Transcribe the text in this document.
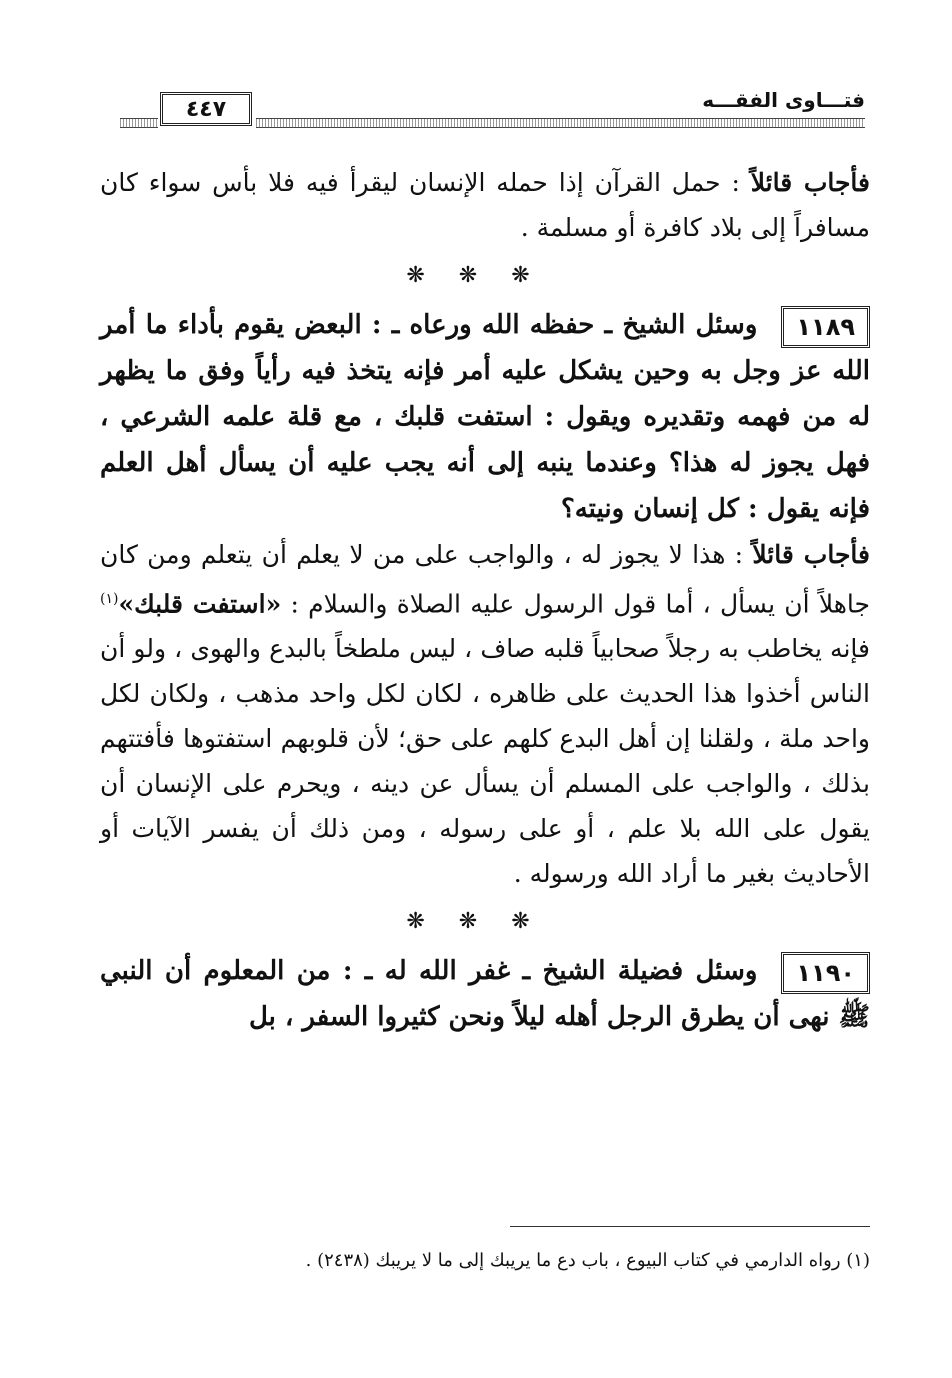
٤٤٧	فتـــاوى الفقـــه

فأجاب قائلاً : حمل القرآن إذا حمله الإنسان ليقرأ فيه فلا بأس سواء كان مسافراً إلى بلاد كافرة أو مسلمة .

❋❋❋

١١٨٩
وسئل الشيخ ـ حفظه الله ورعاه ـ : البعض يقوم بأداء ما أمر الله عز وجل به وحين يشكل عليه أمر فإنه يتخذ فيه رأياً وفق ما يظهر له من فهمه وتقديره ويقول : استفت قلبك ، مع قلة علمه الشرعي ، فهل يجوز له هذا؟ وعندما ينبه إلى أنه يجب عليه أن يسأل أهل العلم فإنه يقول : كل إنسان ونيته؟

فأجاب قائلاً : هذا لا يجوز له ، والواجب على من لا يعلم أن يتعلم ومن كان جاهلاً أن يسأل ، أما قول الرسول عليه الصلاة والسلام : «استفت قلبك»$^{(١)}$ فإنه يخاطب به رجلاً صحابياً قلبه صاف ، ليس ملطخاً بالبدع والهوى ، ولو أن الناس أخذوا هذا الحديث على ظاهره ، لكان لكل واحد مذهب ، ولكان لكل واحد ملة ، ولقلنا إن أهل البدع كلهم على حق؛ لأن قلوبهم استفتوها فأفتتهم بذلك ، والواجب على المسلم أن يسأل عن دينه ، ويحرم على الإنسان أن يقول على الله بلا علم ، أو على رسوله ، ومن ذلك أن يفسر الآيات أو الأحاديث بغير ما أراد الله ورسوله .

❋❋❋

١١٩٠
وسئل فضيلة الشيخ ـ غفر الله له ـ : من المعلوم أن النبي ﷺ نهى أن يطرق الرجل أهله ليلاً ونحن كثيروا السفر ، بل

(١) رواه الدارمي في كتاب البيوع ، باب دع ما يريبك إلى ما لا يريبك (٢٤٣٨) .
